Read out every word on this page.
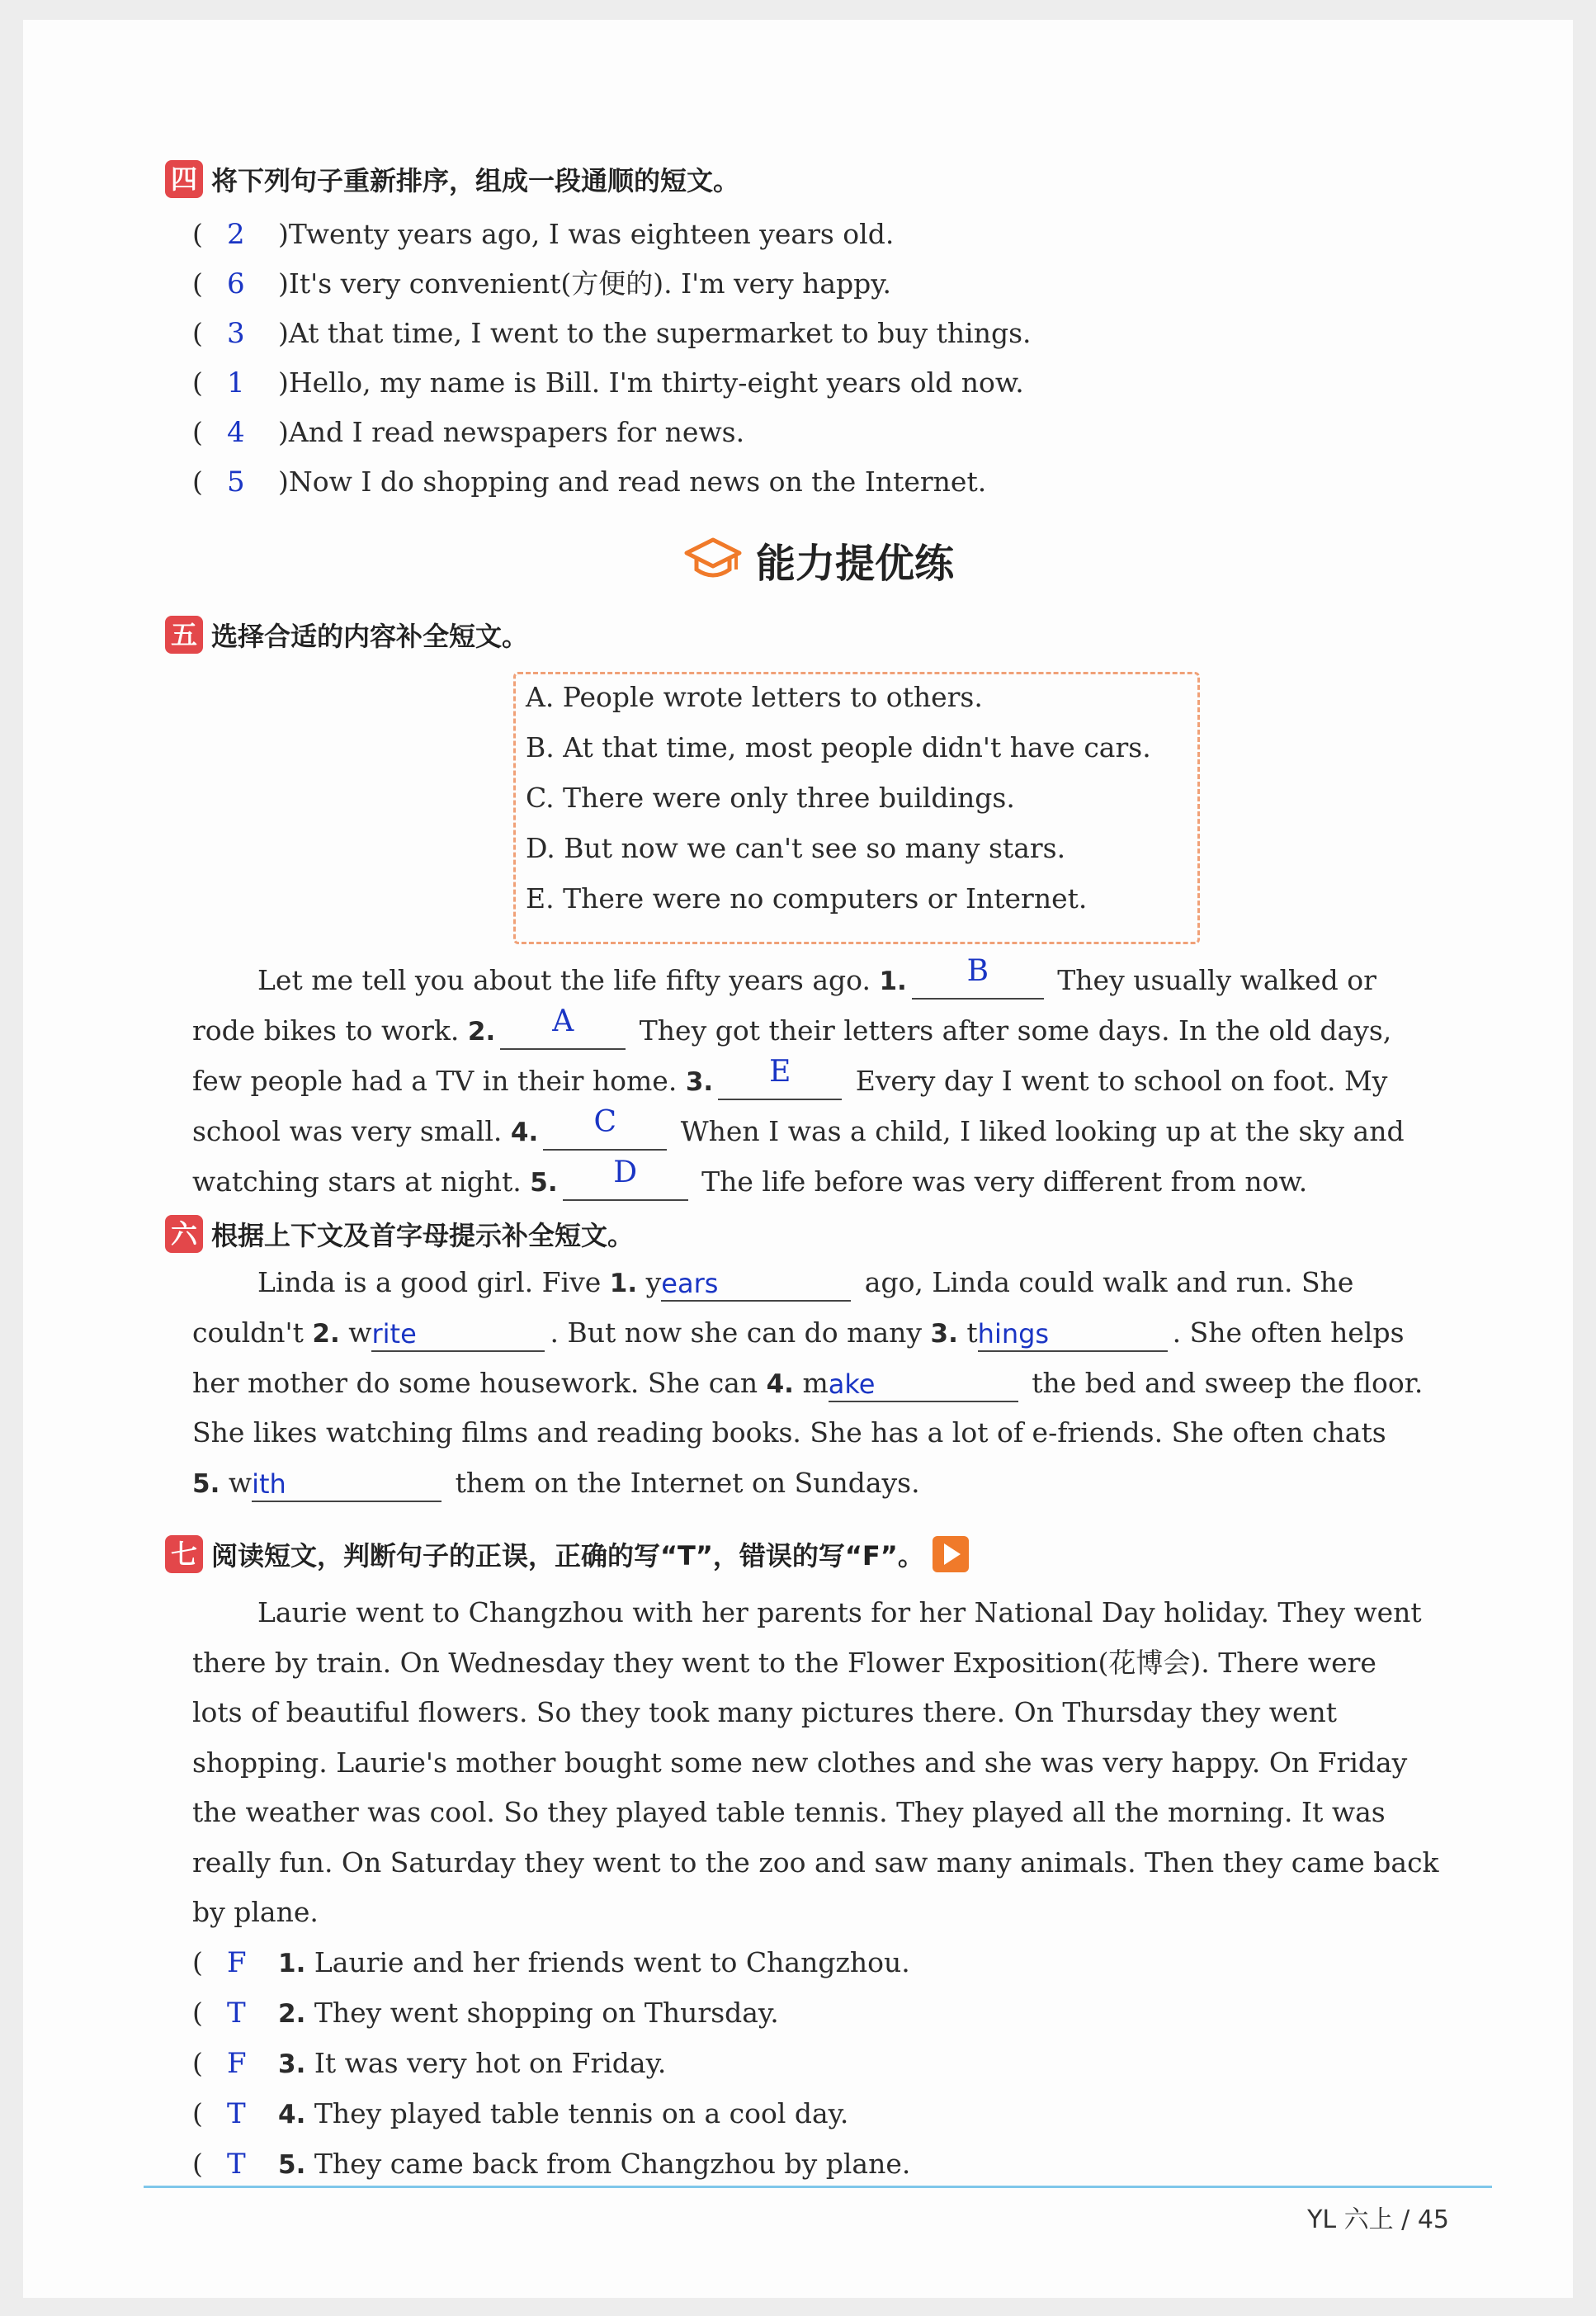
四 将下列句子重新排序，组成一段通顺的短文。
( 2 )Twenty years ago, I was eighteen years old.
( 6 )It's very convenient(方便的). I'm very happy.
( 3 )At that time, I went to the supermarket to buy things.
( 1 )Hello, my name is Bill. I'm thirty-eight years old now.
( 4 )And I read newspapers for news.
( 5 )Now I do shopping and read news on the Internet.
能力提优练
五 选择合适的内容补全短文。
A. People wrote letters to others.
B. At that time, most people didn't have cars.
C. There were only three buildings.
D. But now we can't see so many stars.
E. There were no computers or Internet.
Let me tell you about the life fifty years ago. 1.	B	They usually walked or
rode bikes to work. 2.	A	They got their letters after some days. In the old days,
few people had a TV in their home. 3.	E	Every day I went to school on foot. My
school was very small. 4.	C	When I was a child, I liked looking up at the sky and
watching stars at night. 5.	D	The life before was very different from now.
六 根据上下文及首字母提示补全短文。
Linda is a good girl. Five 1. y ears	ago, Linda could walk and run. She
couldn't 2. w rite	. But now she can do many 3. t hings	. She often helps
her mother do some housework. She can 4. m ake	the bed and sweep the floor.
She likes watching films and reading books. She has a lot of e-friends. She often chats
5. w ith	them on the Internet on Sundays.
七 阅读短文，判断句子的正误，正确的写“T”，错误的写“F”。
Laurie went to Changzhou with her parents for her National Day holiday. They went
there by train. On Wednesday they went to the Flower Exposition(花博会). There were
lots of beautiful flowers. So they took many pictures there. On Thursday they went
shopping. Laurie's mother bought some new clothes and she was very happy. On Friday
the weather was cool. So they played table tennis. They played all the morning. It was
really fun. On Saturday they went to the zoo and saw many animals. Then they came back
by plane.
( F 1. Laurie and her friends went to Changzhou.
( T 2. They went shopping on Thursday.
( F 3. It was very hot on Friday.
( T 4. They played table tennis on a cool day.
( T 5. They came back from Changzhou by plane.
YL 六上 / 45
